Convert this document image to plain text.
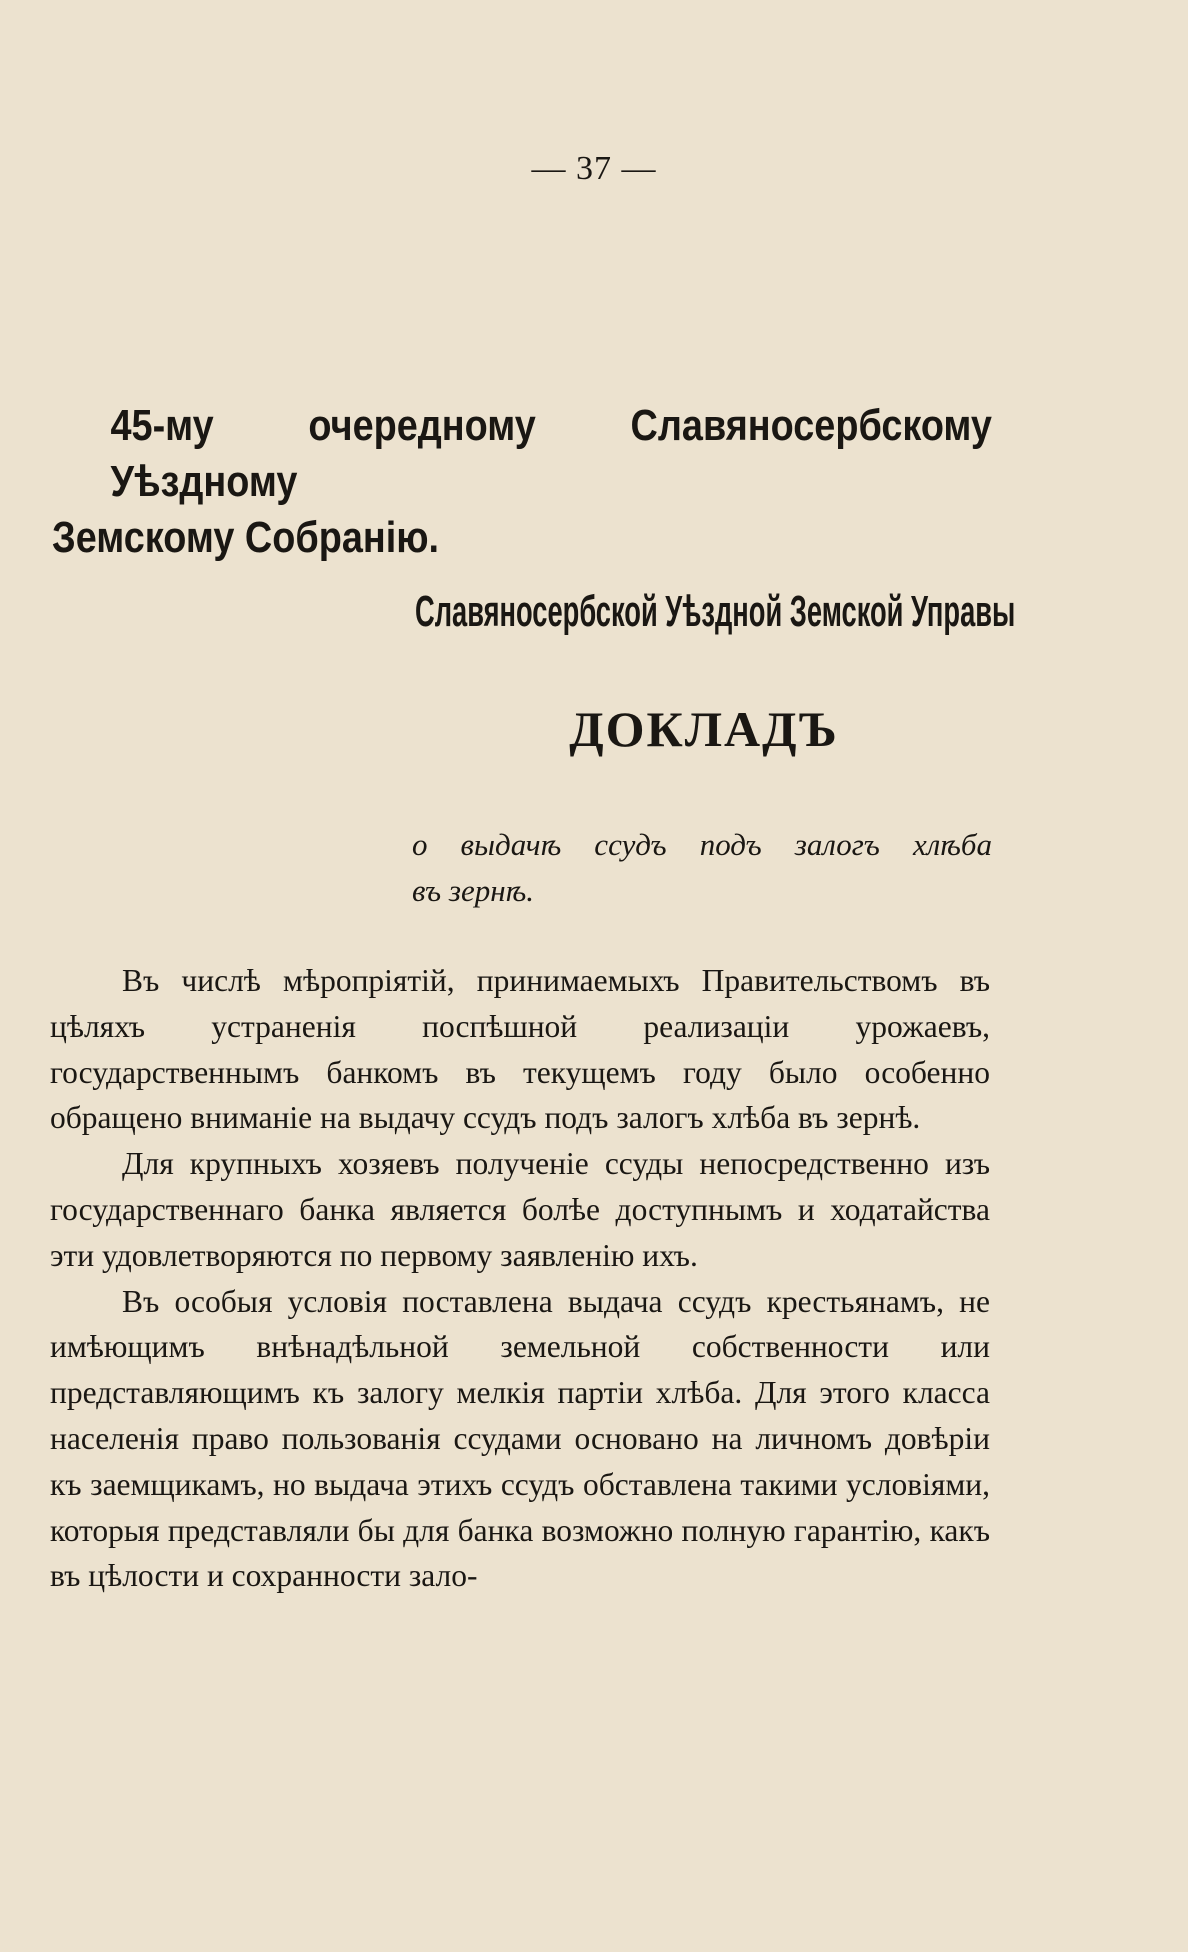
— 37 —
45-му очередному Славяносербскому Уѣздному
Земскому Собранію.
Славяносербской Уѣздной Земской Управы
ДОКЛАДЪ
о выдачѣ ссудъ подъ залогъ хлѣба
въ зернѣ.

Въ числѣ мѣропріятій, принимаемыхъ Правительствомъ въ цѣляхъ устраненія поспѣшной реализаціи урожаевъ, государственнымъ банкомъ въ текущемъ году было особенно обращено вниманіе на выдачу ссудъ подъ залогъ хлѣба въ зернѣ.

Для крупныхъ хозяевъ полученіе ссуды непосредственно изъ государственнаго банка является болѣе доступнымъ и ходатайства эти удовлетворяются по первому заявленію ихъ.

Въ особыя условія поставлена выдача ссудъ крестьянамъ, не имѣющимъ внѣнадѣльной земельной собственности или представляющимъ къ залогу мелкія партіи хлѣба. Для этого класса населенія право пользованія ссудами основано на личномъ довѣріи къ заемщикамъ, но выдача этихъ ссудъ обставлена такими условіями, которыя представляли бы для банка возможно полную гарантію, какъ въ цѣлости и сохранности зало-
